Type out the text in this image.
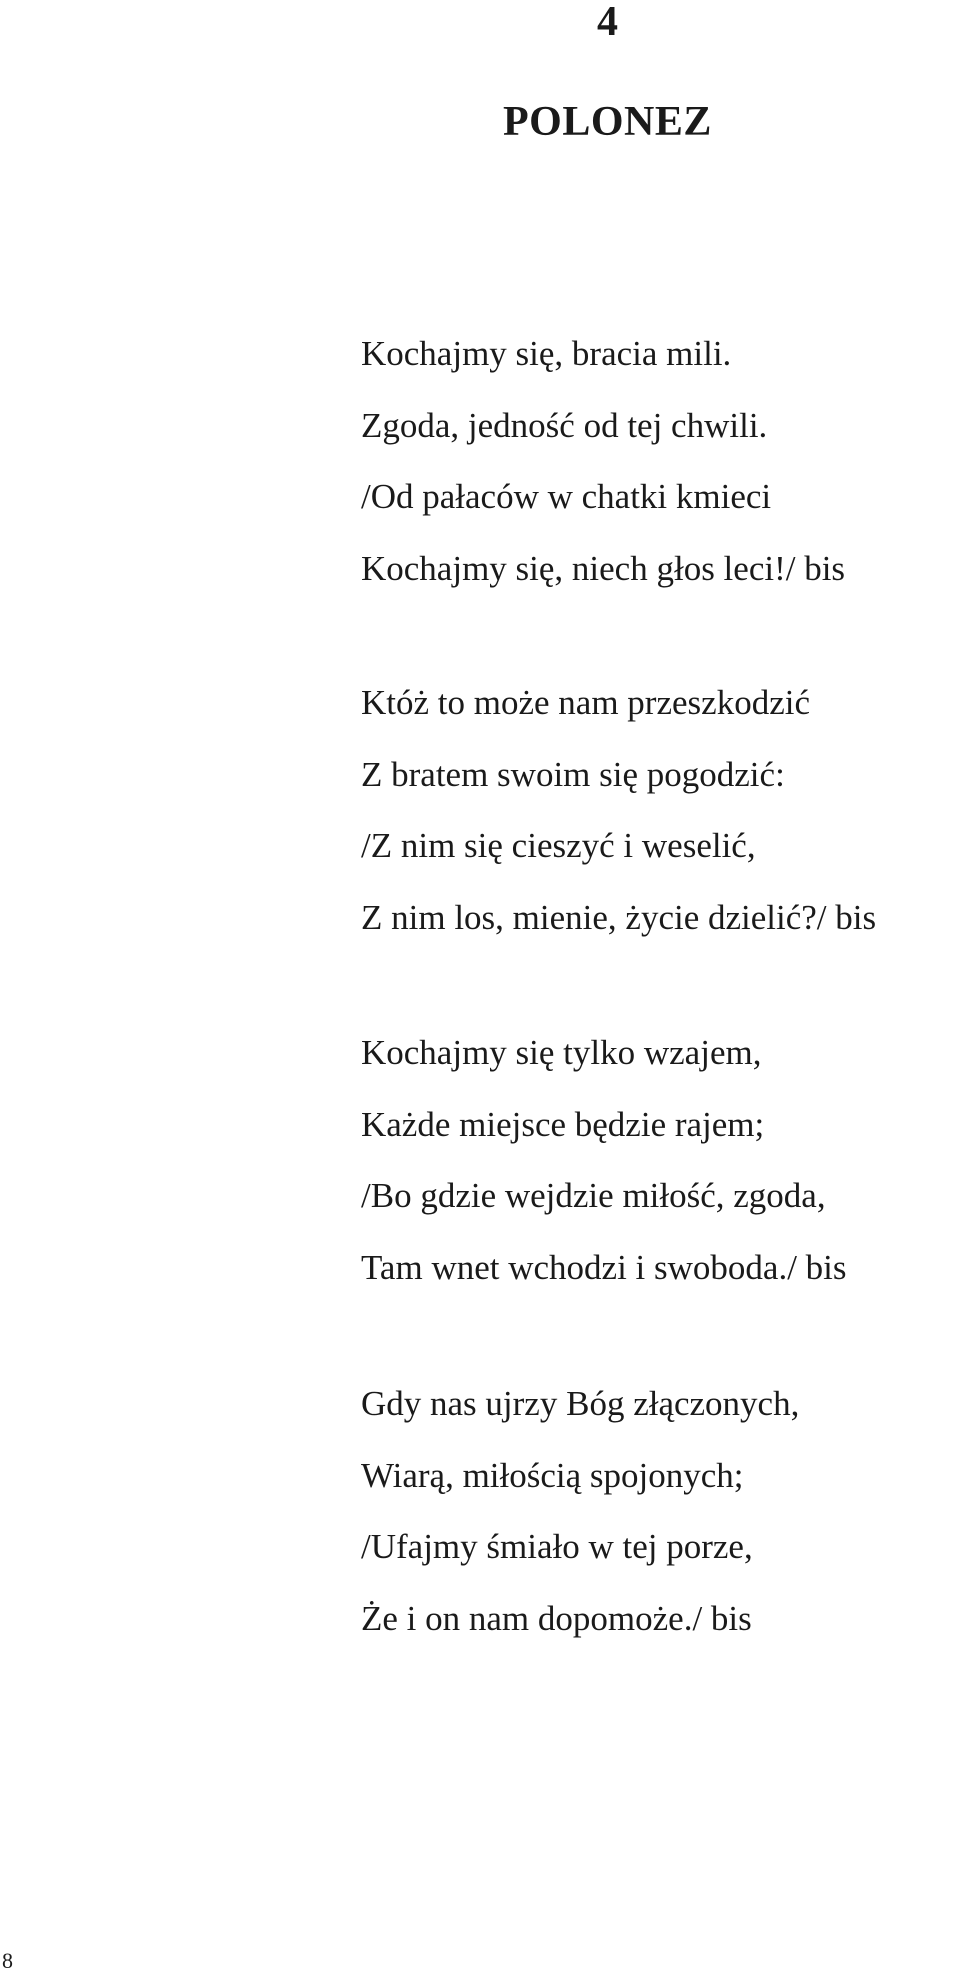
4
POLONEZ
Kochajmy się, bracia mili.
Zgoda, jedność od tej chwili.
/Od pałaców w chatki kmieci
Kochajmy się, niech głos leci!/ bis
Któż to może nam przeszkodzić
Z bratem swoim się pogodzić:
/Z nim się cieszyć i weselić,
Z nim los, mienie, życie dzielić?/ bis
Kochajmy się tylko wzajem,
Każde miejsce będzie rajem;
/Bo gdzie wejdzie miłość, zgoda,
Tam wnet wchodzi i swoboda./ bis
Gdy nas ujrzy Bóg złączonych,
Wiarą, miłością spojonych;
/Ufajmy śmiało w tej porze,
Że i on nam dopomoże./ bis
8
